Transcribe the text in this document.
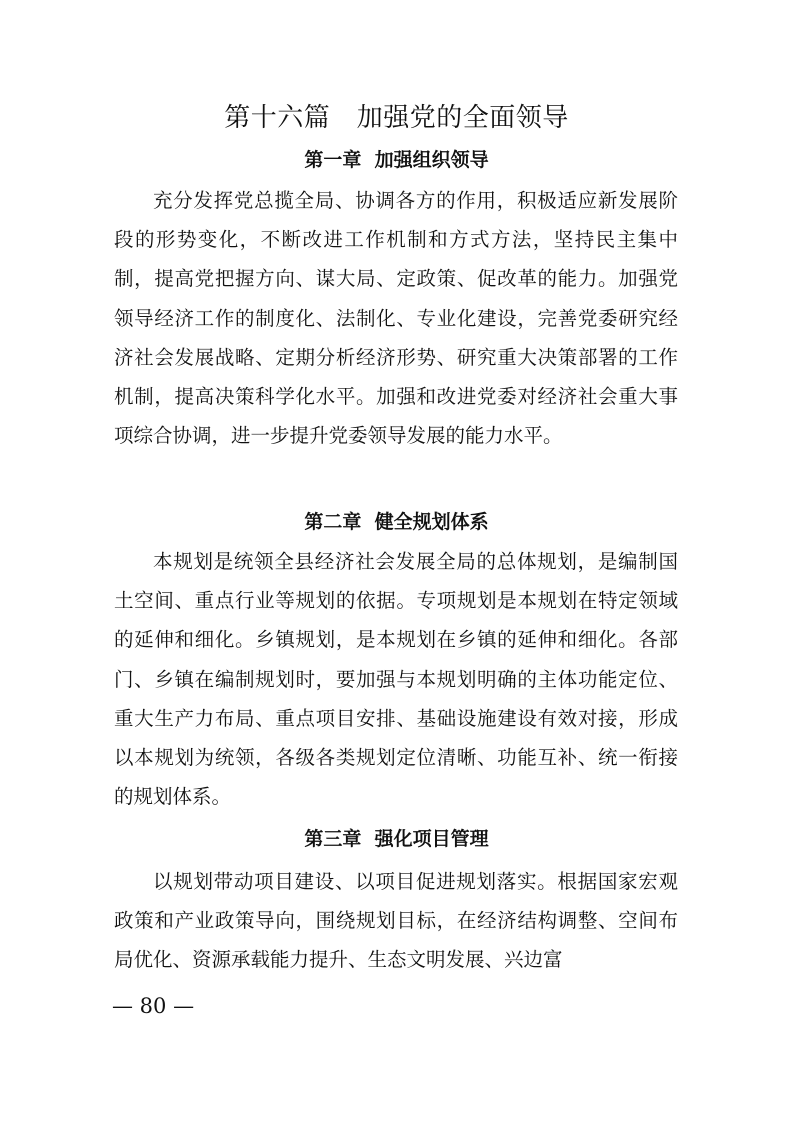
第十六篇　加强党的全面领导
第一章  加强组织领导

充分发挥党总揽全局、协调各方的作用，积极适应新发展阶段的形势变化，不断改进工作机制和方式方法，坚持民主集中制，提高党把握方向、谋大局、定政策、促改革的能力。加强党领导经济工作的制度化、法制化、专业化建设，完善党委研究经济社会发展战略、定期分析经济形势、研究重大决策部署的工作机制，提高决策科学化水平。加强和改进党委对经济社会重大事项综合协调，进一步提升党委领导发展的能力水平。

第二章  健全规划体系

本规划是统领全县经济社会发展全局的总体规划，是编制国土空间、重点行业等规划的依据。专项规划是本规划在特定领域的延伸和细化。乡镇规划，是本规划在乡镇的延伸和细化。各部门、乡镇在编制规划时，要加强与本规划明确的主体功能定位、重大生产力布局、重点项目安排、基础设施建设有效对接，形成以本规划为统领，各级各类规划定位清晰、功能互补、统一衔接的规划体系。

第三章  强化项目管理

以规划带动项目建设、以项目促进规划落实。根据国家宏观政策和产业政策导向，围绕规划目标，在经济结构调整、空间布局优化、资源承载能力提升、生态文明发展、兴边富

— 80 —
